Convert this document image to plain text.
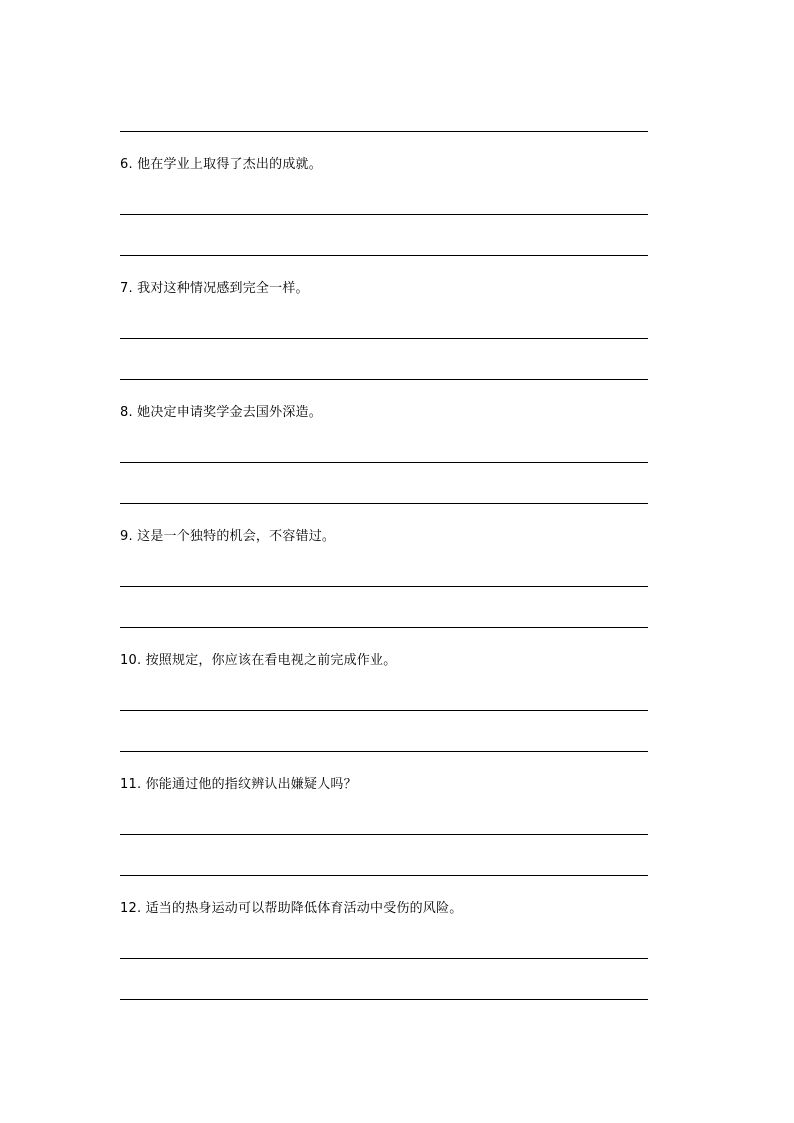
6. 他在学业上取得了杰出的成就。
7. 我对这种情况感到完全一样。
8. 她决定申请奖学金去国外深造。
9. 这是一个独特的机会，不容错过。
10. 按照规定，你应该在看电视之前完成作业。
11. 你能通过他的指纹辨认出嫌疑人吗？
12. 适当的热身运动可以帮助降低体育活动中受伤的风险。
